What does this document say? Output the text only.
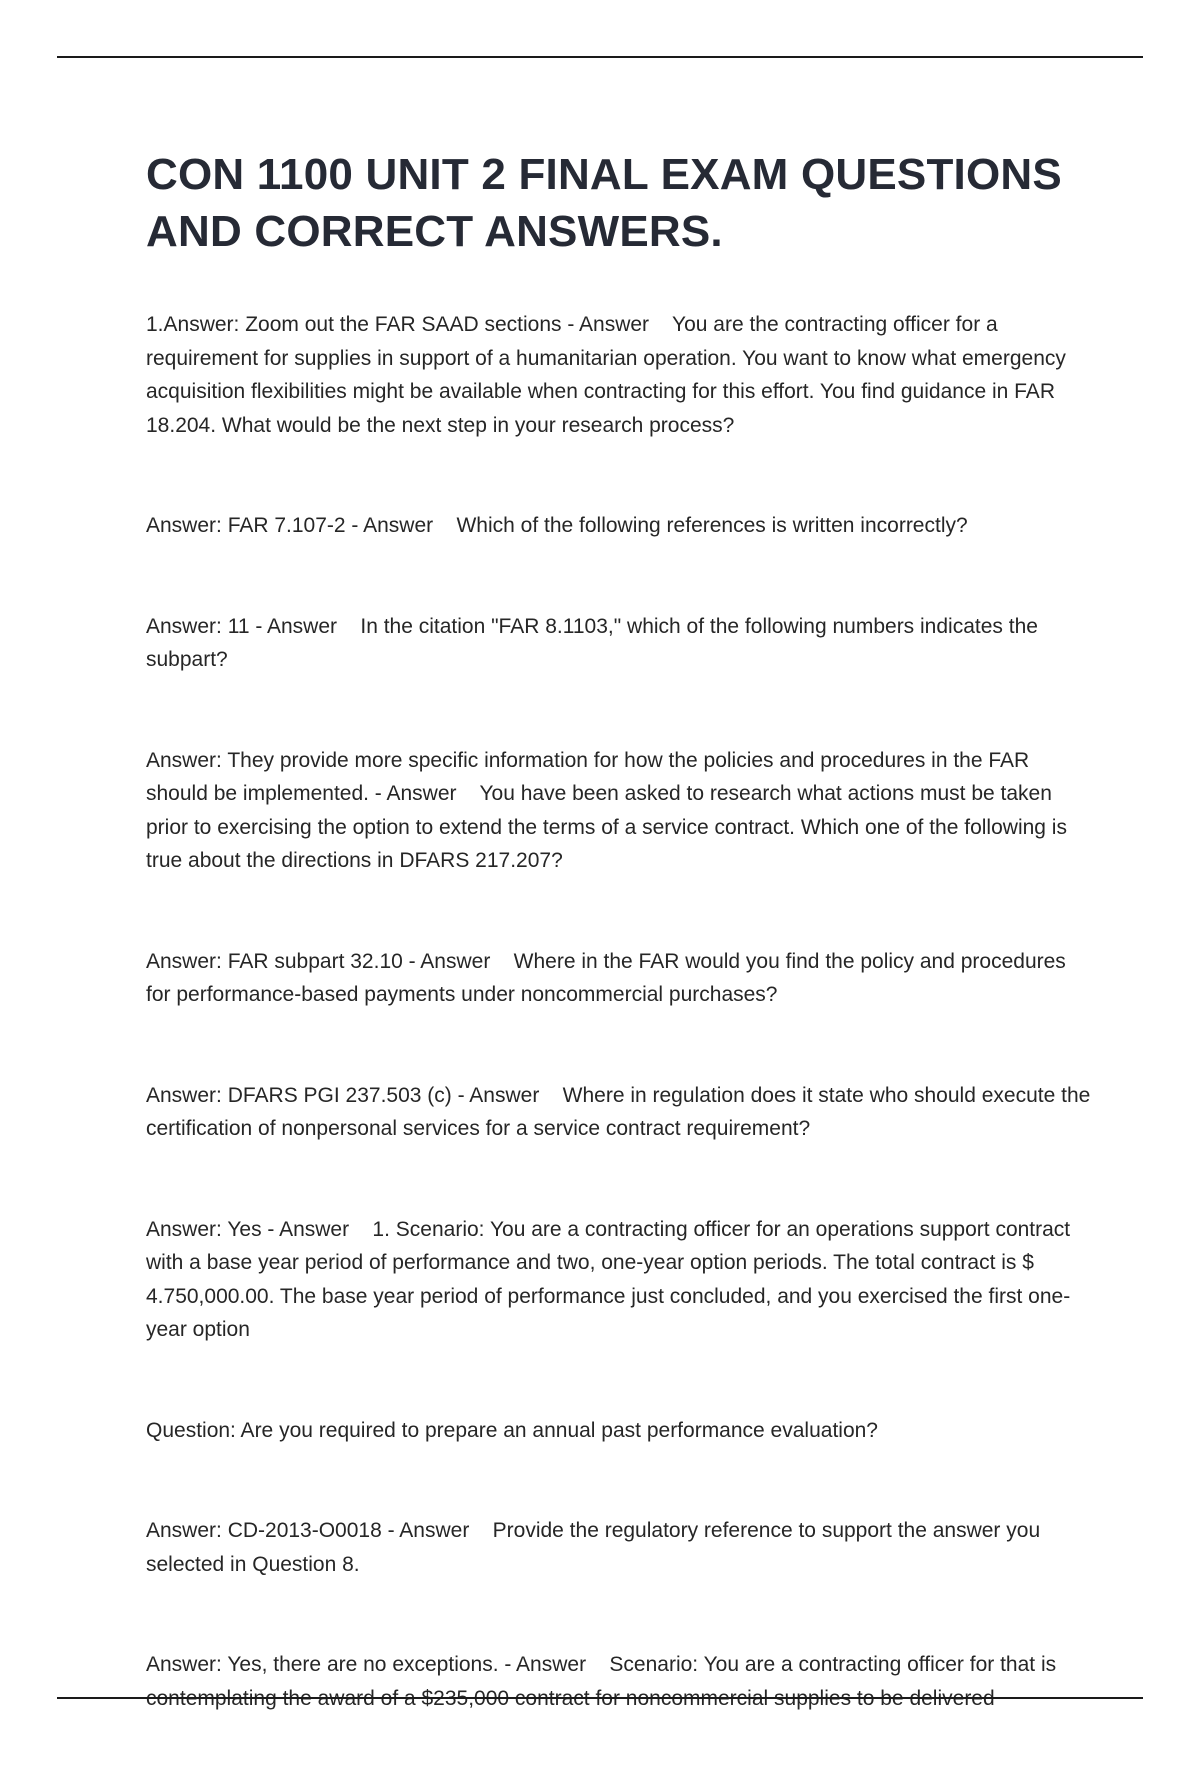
CON 1100 UNIT 2 FINAL EXAM QUESTIONS AND CORRECT ANSWERS.

1.Answer: Zoom out the FAR SAAD sections - Answer    You are the contracting officer for a requirement for supplies in support of a humanitarian operation. You want to know what emergency acquisition flexibilities might be available when contracting for this effort. You find guidance in FAR 18.204. What would be the next step in your research process?

Answer: FAR 7.107-2 - Answer    Which of the following references is written incorrectly?

Answer: 11 - Answer    In the citation "FAR 8.1103," which of the following numbers indicates the subpart?

Answer: They provide more specific information for how the policies and procedures in the FAR should be implemented. - Answer    You have been asked to research what actions must be taken prior to exercising the option to extend the terms of a service contract. Which one of the following is true about the directions in DFARS 217.207?

Answer: FAR subpart 32.10 - Answer    Where in the FAR would you find the policy and procedures for performance-based payments under noncommercial purchases?

Answer: DFARS PGI 237.503 (c) - Answer    Where in regulation does it state who should execute the certification of nonpersonal services for a service contract requirement?

Answer: Yes - Answer    1. Scenario: You are a contracting officer for an operations support contract with a base year period of performance and two, one-year option periods. The total contract is $ 4.750,000.00. The base year period of performance just concluded, and you exercised the first one-year option

Question: Are you required to prepare an annual past performance evaluation?

Answer: CD-2013-O0018 - Answer    Provide the regulatory reference to support the answer you selected in Question 8.

Answer: Yes, there are no exceptions. - Answer    Scenario: You are a contracting officer for that is contemplating the award of a $235,000 contract for noncommercial supplies to be delivered
